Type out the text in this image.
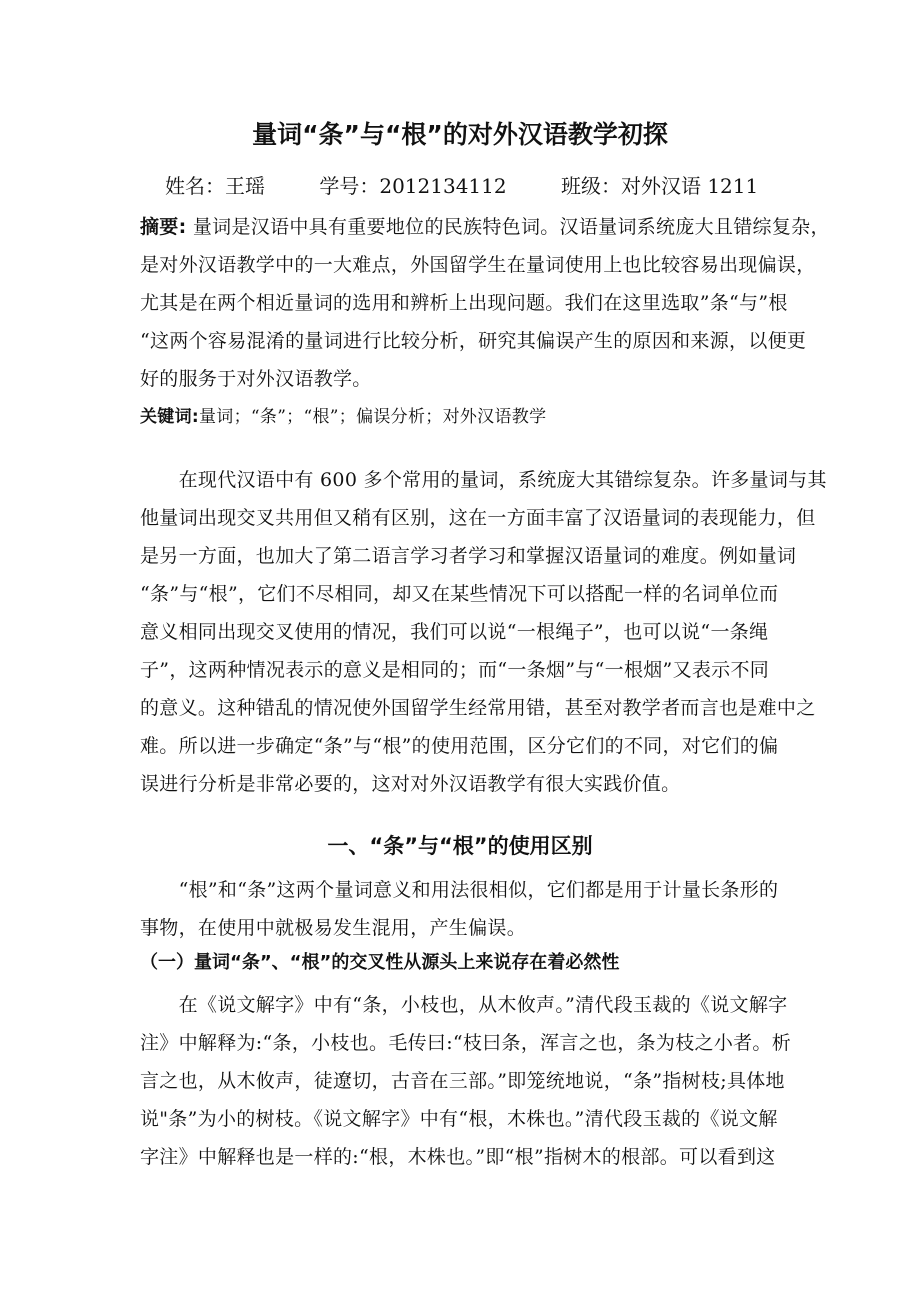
量词“条”与“根”的对外汉语教学初探
姓名：王瑶	学号：2012134112	班级：对外汉语 1211
摘要: 量词是汉语中具有重要地位的民族特色词。汉语量词系统庞大且错综复杂，
是对外汉语教学中的一大难点，外国留学生在量词使用上也比较容易出现偏误，
尤其是在两个相近量词的选用和辨析上出现问题。我们在这里选取”条“与”根
“这两个容易混淆的量词进行比较分析，研究其偏误产生的原因和来源，以便更
好的服务于对外汉语教学。
关键词:量词；“条”；“根”；偏误分析；对外汉语教学
　　在现代汉语中有 600 多个常用的量词，系统庞大其错综复杂。许多量词与其
他量词出现交叉共用但又稍有区别，这在一方面丰富了汉语量词的表现能力，但
是另一方面，也加大了第二语言学习者学习和掌握汉语量词的难度。例如量词
“条”与“根”，它们不尽相同，却又在某些情况下可以搭配一样的名词单位而
意义相同出现交叉使用的情况，我们可以说“一根绳子”，也可以说“一条绳
子”，这两种情况表示的意义是相同的；而“一条烟”与“一根烟”又表示不同
的意义。这种错乱的情况使外国留学生经常用错，甚至对教学者而言也是难中之
难。所以进一步确定“条”与“根”的使用范围，区分它们的不同，对它们的偏
误进行分析是非常必要的，这对对外汉语教学有很大实践价值。
一、“条”与“根”的使用区别
　　“根”和“条”这两个量词意义和用法很相似，它们都是用于计量长条形的
事物，在使用中就极易发生混用，产生偏误。
（一）量词“条”、“根”的交叉性从源头上来说存在着必然性
　　在《说文解字》中有“条，小枝也，从木攸声。”清代段玉裁的《说文解字
注》中解释为:“条，小枝也。毛传曰:“枝曰条，浑言之也，条为枝之小者。析
言之也，从木攸声，徒遼切，古音在三部。”即笼统地说，“条”指树枝;具体地
说"条”为小的树枝。《说文解字》中有“根，木株也。”清代段玉裁的《说文解
字注》中解释也是一样的:“根，木株也。”即“根”指树木的根部。可以看到这
